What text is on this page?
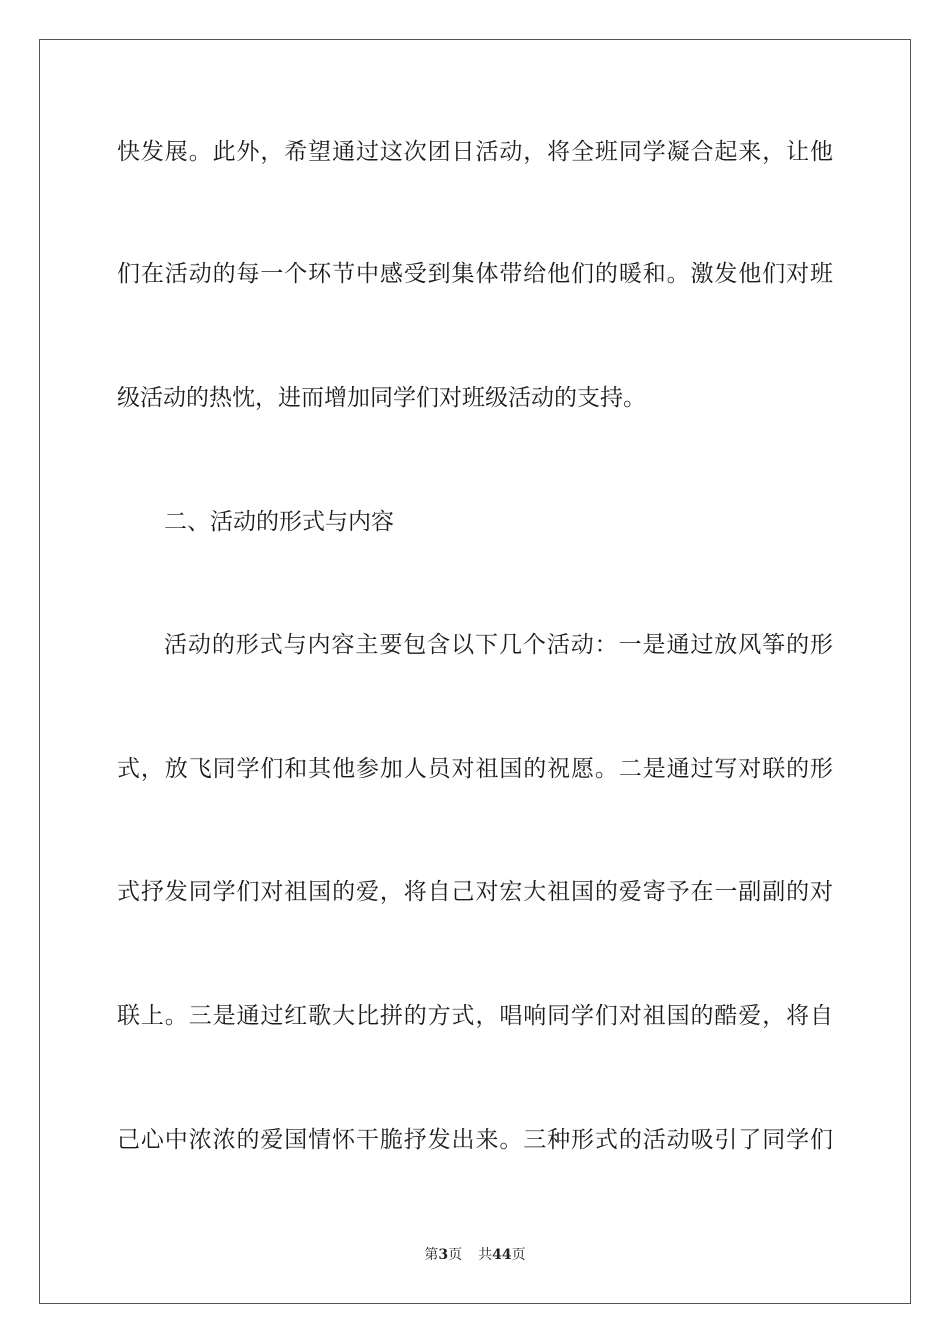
快发展。此外，希望通过这次团日活动，将全班同学凝合起来，让他
们在活动的每一个环节中感受到集体带给他们的暖和。激发他们对班
级活动的热忱，进而增加同学们对班级活动的支持。
二、活动的形式与内容
活动的形式与内容主要包含以下几个活动：一是通过放风筝的形
式，放飞同学们和其他参加人员对祖国的祝愿。二是通过写对联的形
式抒发同学们对祖国的爱，将自己对宏大祖国的爱寄予在一副副的对
联上。三是通过红歌大比拼的方式，唱响同学们对祖国的酷爱，将自
己心中浓浓的爱国情怀干脆抒发出来。三种形式的活动吸引了同学们
第3页 共44页
